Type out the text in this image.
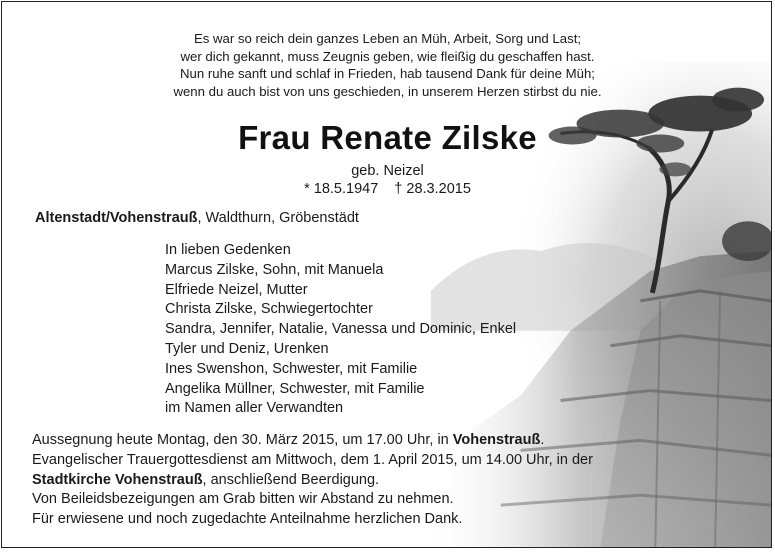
Es war so reich dein ganzes Leben an Müh, Arbeit, Sorg und Last;
wer dich gekannt, muss Zeugnis geben, wie fleißig du geschaffen hast.
Nun ruhe sanft und schlaf in Frieden, hab tausend Dank für deine Müh;
wenn du auch bist von uns geschieden, in unserem Herzen stirbst du nie.
Frau Renate Zilske
geb. Neizel
* 18.5.1947 † 28.3.2015
Altenstadt/Vohenstrauß, Waldthurn, Gröbenstädt
In lieben Gedenken
Marcus Zilske, Sohn, mit Manuela
Elfriede Neizel, Mutter
Christa Zilske, Schwiegertochter
Sandra, Jennifer, Natalie, Vanessa und Dominic, Enkel
Tyler und Deniz, Urenken
Ines Swenshon, Schwester, mit Familie
Angelika Müllner, Schwester, mit Familie
im Namen aller Verwandten
Aussegnung heute Montag, den 30. März 2015, um 17.00 Uhr, in Vohenstrauß.
Evangelischer Trauergottesdienst am Mittwoch, dem 1. April 2015, um 14.00 Uhr, in der
Stadtkirche Vohenstrauß, anschließend Beerdigung.
Von Beileidsbezeigungen am Grab bitten wir Abstand zu nehmen.
Für erwiesene und noch zugedachte Anteilnahme herzlichen Dank.
